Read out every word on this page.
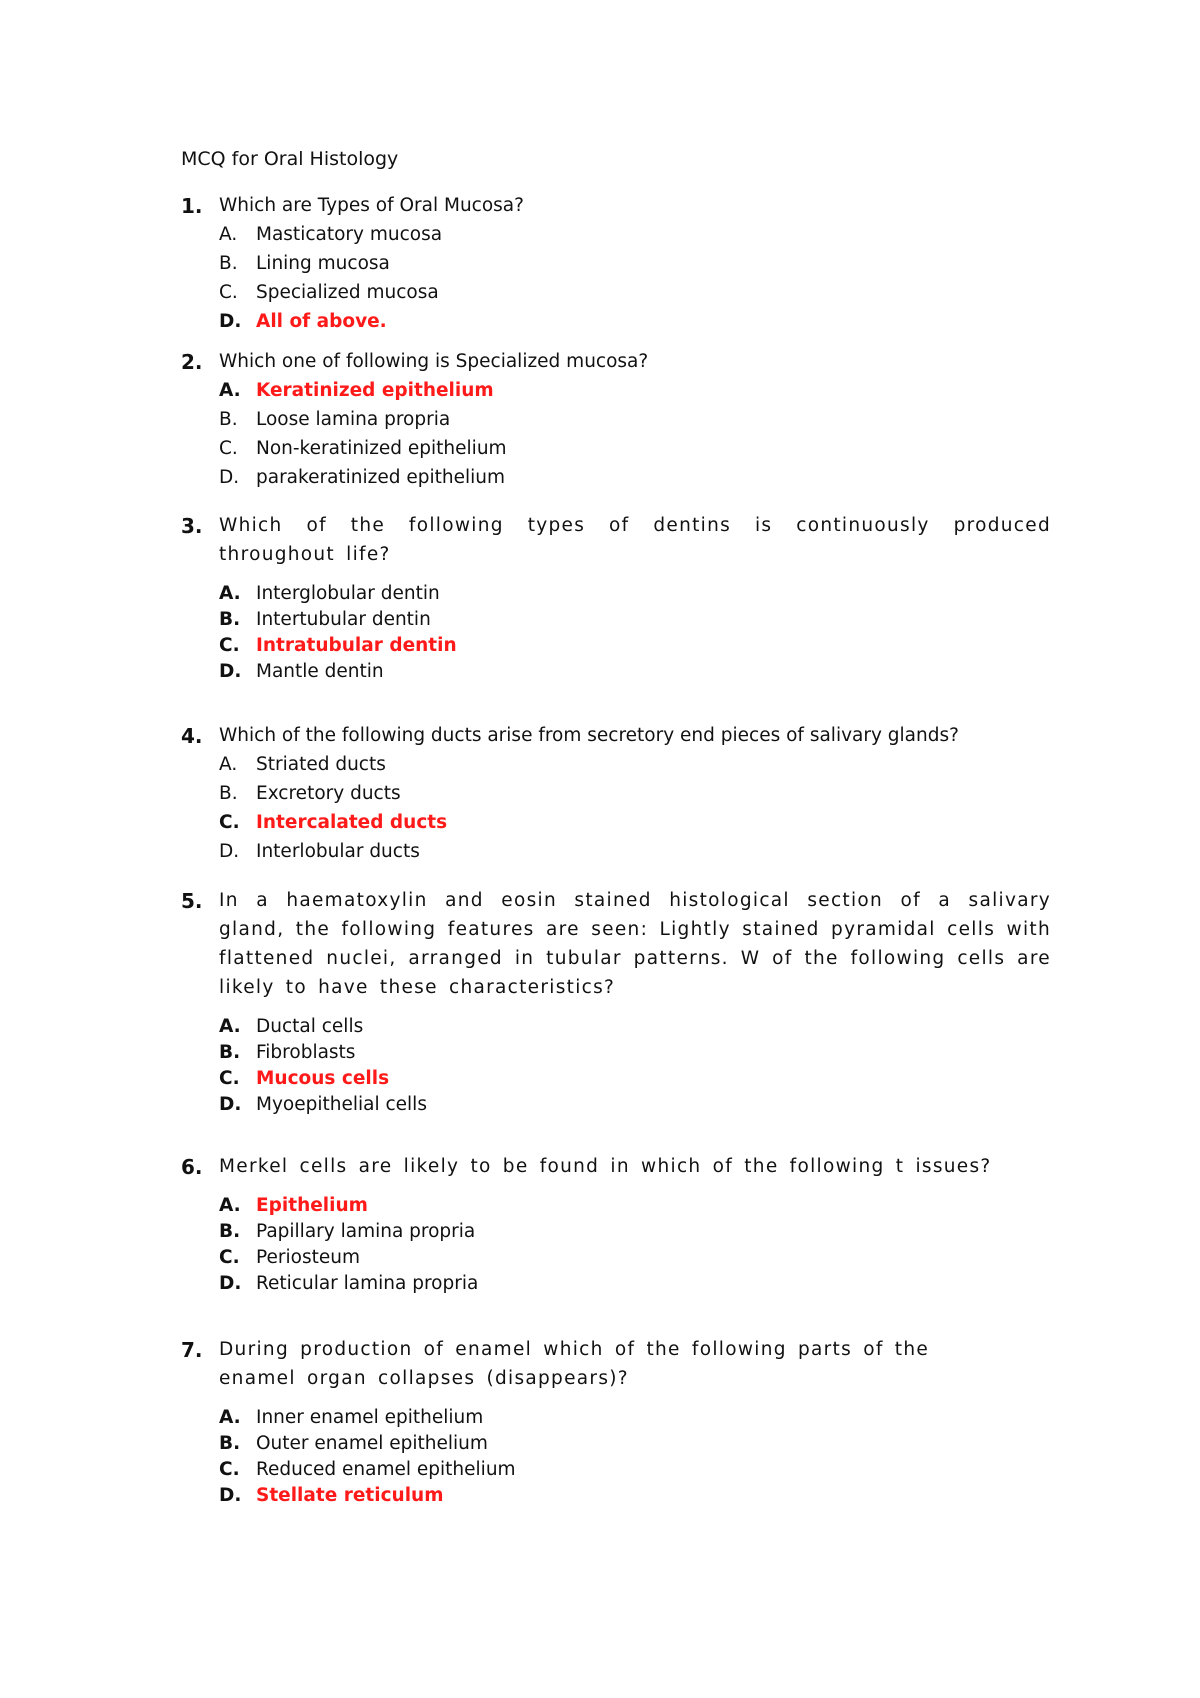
MCQ for Oral Histology
1. Which are Types of Oral Mucosa?
A.	Masticatory mucosa
B. Lining mucosa
C. Specialized mucosa
D. All of above.
2. Which one of following is Specialized mucosa?
A. Keratinized epithelium
B. Loose lamina propria
C. Non-keratinized epithelium
D. parakeratinized epithelium
3. Which of the following types of dentins is continuously produced throughout life?
A. Interglobular dentin
B. Intertubular dentin
C. Intratubular dentin
D. Mantle dentin
4. Which of the following ducts arise from secretory end pieces of salivary glands?
A.	Striated ducts
B. Excretory ducts
C. Intercalated ducts
D. Interlobular ducts
5. In a haematoxylin and eosin stained histological section of a salivary gland, the following features are seen: Lightly stained pyramidal cells with flattened nuclei, arranged in tubular patterns. W of the following cells are likely to have these characteristics?
A. Ductal cells
B. Fibroblasts
C. Mucous cells
D. Myoepithelial cells
6. Merkel cells are likely to be found in which of the following t issues?
A. Epithelium
B. Papillary lamina propria
C. Periosteum
D. Reticular lamina propria
7. During production of enamel which of the following parts of the enamel organ collapses (disappears)?
A. Inner enamel epithelium
B. Outer enamel epithelium
C. Reduced enamel epithelium
D. Stellate reticulum
